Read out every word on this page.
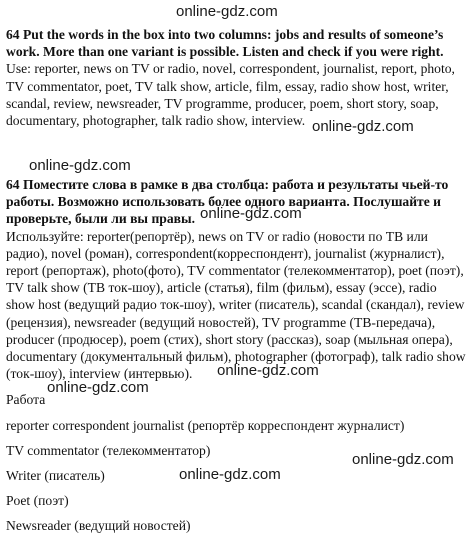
online-gdz.com
online-gdz.com
online-gdz.com
online-gdz.com
online-gdz.com
online-gdz.com
online-gdz.com
online-gdz.com

64 Put the words in the box into two columns: jobs and results of someone’s work. More than one variant is possible. Listen and check if you were right.

Use: reporter, news on TV or radio, novel, correspondent, journalist, report, photo, TV commentator, poet, TV talk show, article, film, essay, radio show host, writer, scandal, review, newsreader, TV programme, producer, poem, short story, soap, documentary, photographer, talk radio show, interview.

64 Поместите слова в рамке в два столбца: работа и результаты чьей-то работы. Возможно использовать более одного варианта. Послушайте и проверьте, были ли вы правы.

Используйте: reporter(репортёр), news on TV or radio (новости по ТВ или радио), novel (роман), correspondent(корреспондент), journalist (журналист), report (репортаж), photo(фото), TV commentator (телекомментатор), poet (поэт), TV talk show (ТВ ток-шоу), article (статья), film (фильм), essay (эссе), radio show host (ведущий радио ток-шоу), writer (писатель), scandal (скандал), review (рецензия), newsreader (ведущий новостей), TV programme (ТВ-передача), producer (продюсер), poem (стих), short story (рассказ), soap (мыльная опера), documentary (документальный фильм), photographer (фотограф), talk radio show (ток-шоу), interview (интервью).

Работа
reporter correspondent journalist (репортёр корреспондент журналист)
TV commentator (телекомментатор)
Writer (писатель)
Poet (поэт)
Newsreader (ведущий новостей)
